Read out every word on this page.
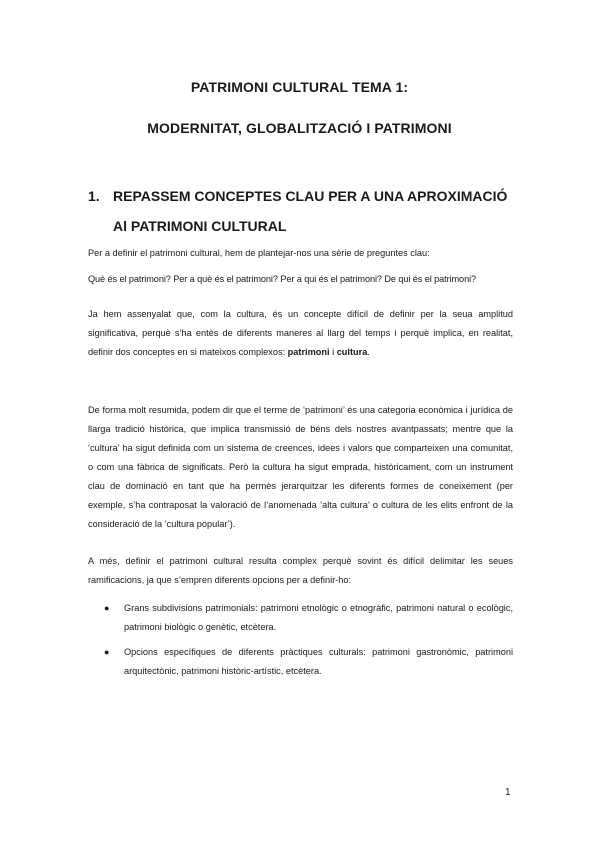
PATRIMONI CULTURAL TEMA 1:
MODERNITAT, GLOBALITZACIÓ I PATRIMONI
1. REPASSEM CONCEPTES CLAU PER A UNA APROXIMACIÓ Al PATRIMONI CULTURAL
Per a definir el patrimoni cultural, hem de plantejar-nos una sèrie de preguntes clau:
Què és el patrimoni? Per a què és el patrimoni? Per a qui és el patrimoni? De qui és el patrimoni?
Ja hem assenyalat que, com la cultura, és un concepte difícil de definir per la seua amplitud significativa, perquè s’ha entès de diferents maneres al llarg del temps i perquè implica, en realitat, definir dos conceptes en si mateixos complexos: patrimoni i cultura.
De forma molt resumida, podem dir que el terme de ‘patrimoni’ és una categoria econòmica i jurídica de llarga tradició històrica, que implica transmissió de béns dels nostres avantpassats; mentre que la ‘cultura’ ha sigut definida com un sistema de creences, idees i valors que comparteixen una comunitat, o com una fàbrica de significats. Però la cultura ha sigut emprada, històricament, com un instrument clau de dominació en tant que ha permès jerarquitzar les diferents formes de coneixement (per exemple, s’ha contraposat la valoració de l’anomenada ‘alta cultura’ o cultura de les elits enfront de la consideració de la ‘cultura popular’).
A més, definir el patrimoni cultural resulta complex perquè sovint és difícil delimitar les seues ramificacions, ja que s’empren diferents opcions per a definir-ho:
● Grans subdivisions patrimonials: patrimoni etnològic o etnogràfic, patrimoni natural o ecològic, patrimoni biològic o genètic, etcètera.
● Opcions específiques de diferents pràctiques culturals: patrimoni gastronòmic, patrimoni arquitectònic, patrimoni històric-artístic, etcètera.
1
